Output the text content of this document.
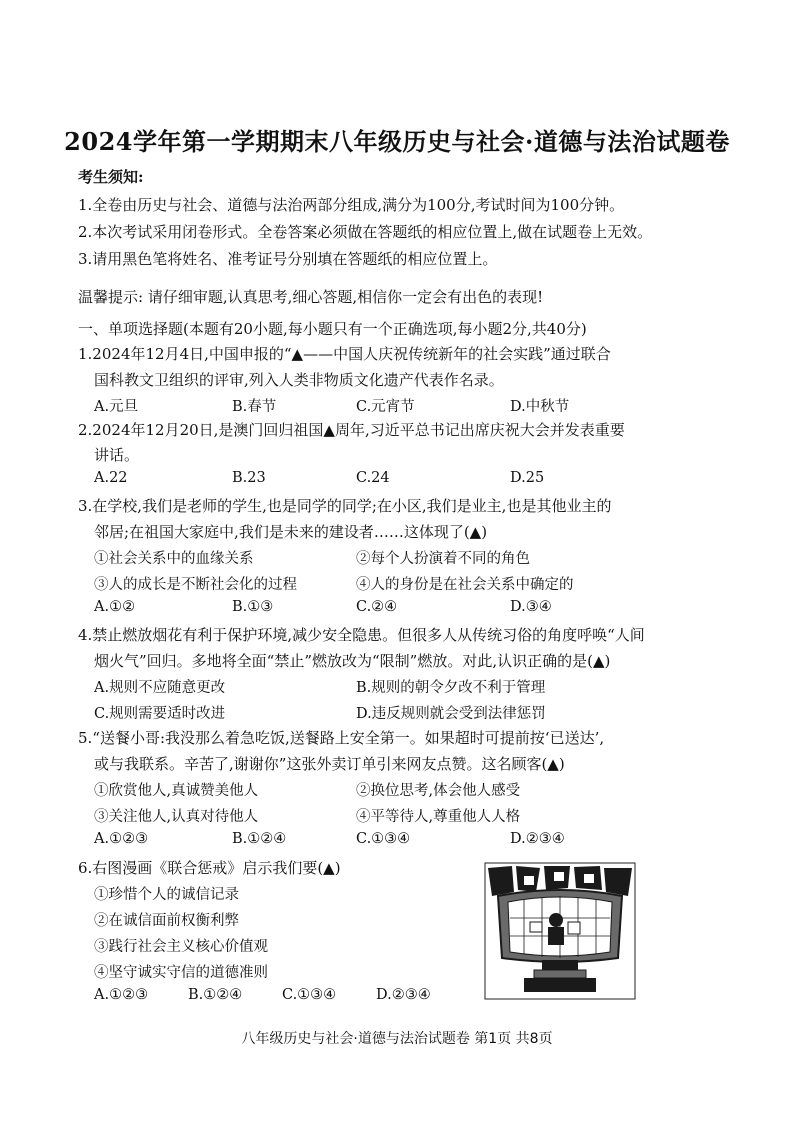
2024学年第一学期期末八年级历史与社会·道德与法治试题卷
考生须知:
1.全卷由历史与社会、道德与法治两部分组成,满分为100分,考试时间为100分钟。
2.本次考试采用闭卷形式。全卷答案必须做在答题纸的相应位置上,做在试题卷上无效。
3.请用黑色笔将姓名、准考证号分别填在答题纸的相应位置上。
温馨提示: 请仔细审题,认真思考,细心答题,相信你一定会有出色的表现!
一、单项选择题(本题有20小题,每小题只有一个正确选项,每小题2分,共40分)
1.2024年12月4日,中国申报的“▲——中国人庆祝传统新年的社会实践”通过联合
国科教文卫组织的评审,列入人类非物质文化遗产代表作名录。
A.元旦	B.春节	C.元宵节	D.中秋节
2.2024年12月20日,是澳门回归祖国▲周年,习近平总书记出席庆祝大会并发表重要
讲话。
A.22	B.23	C.24	D.25
3.在学校,我们是老师的学生,也是同学的同学;在小区,我们是业主,也是其他业主的
邻居;在祖国大家庭中,我们是未来的建设者……这体现了(▲)
①社会关系中的血缘关系	②每个人扮演着不同的角色
③人的成长是不断社会化的过程	④人的身份是在社会关系中确定的
A.①②	B.①③	C.②④	D.③④
4.禁止燃放烟花有利于保护环境,减少安全隐患。但很多人从传统习俗的角度呼唤“人间
烟火气”回归。多地将全面“禁止”燃放改为“限制”燃放。对此,认识正确的是(▲)
A.规则不应随意更改	B.规则的朝令夕改不利于管理
C.规则需要适时改进	D.违反规则就会受到法律惩罚
5.“送餐小哥:我没那么着急吃饭,送餐路上安全第一。如果超时可提前按‘已送达’,
或与我联系。辛苦了,谢谢你”这张外卖订单引来网友点赞。这名顾客(▲)
①欣赏他人,真诚赞美他人	②换位思考,体会他人感受
③关注他人,认真对待他人	④平等待人,尊重他人人格
A.①②③	B.①②④	C.①③④	D.②③④
6.右图漫画《联合惩戒》启示我们要(▲)
①珍惜个人的诚信记录
②在诚信面前权衡利弊
③践行社会主义核心价值观
④坚守诚实守信的道德准则
A.①②③	B.①②④	C.①③④	D.②③④
八年级历史与社会·道德与法治试题卷 第1页 共8页
